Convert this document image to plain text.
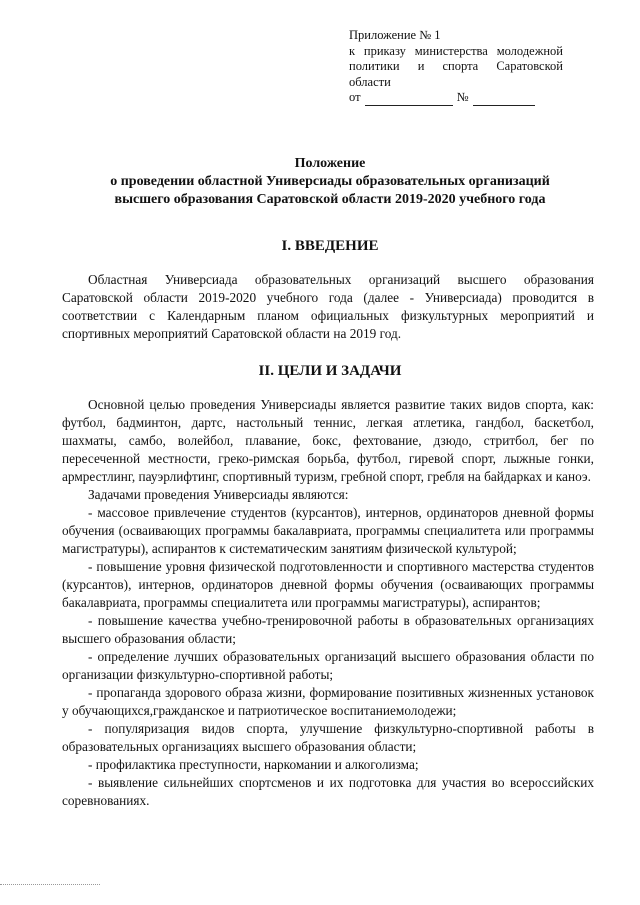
Приложение № 1
к приказу министерства молодежной
политики и спорта Саратовской
области
от	№
Положение
о проведении областной Универсиады образовательных организаций
высшего образования Саратовской области 2019-2020 учебного года
I. ВВЕДЕНИЕ

Областная Универсиада образовательных организаций высшего образования Саратовской области 2019-2020 учебного года (далее - Универсиада) проводится в соответствии с Календарным планом официальных физкультурных мероприятий и спортивных мероприятий Саратовской области на 2019 год.

II. ЦЕЛИ И ЗАДАЧИ

Основной целью проведения Универсиады является развитие таких видов спорта, как: футбол, бадминтон, дартс, настольный теннис, легкая атлетика, гандбол, баскетбол, шахматы, самбо, волейбол, плавание, бокс, фехтование, дзюдо, стритбол, бег по пересеченной местности, греко-римская борьба, футбол, гиревой спорт, лыжные гонки, армрестлинг, пауэрлифтинг, спортивный туризм, гребной спорт, гребля на байдарках и каноэ.

Задачами проведения Универсиады являются:

- массовое привлечение студентов (курсантов), интернов, ординаторов дневной формы обучения (осваивающих программы бакалавриата, программы специалитета или программы магистратуры), аспирантов к систематическим занятиям физической культурой;

- повышение уровня физической подготовленности и спортивного мастерства студентов (курсантов), интернов, ординаторов дневной формы обучения (осваивающих программы бакалавриата, программы специалитета или программы магистратуры), аспирантов;

- повышение качества учебно-тренировочной работы в образовательных организациях высшего образования области;

- определение лучших образовательных организаций высшего образования области по организации физкультурно-спортивной работы;

- пропаганда здорового образа жизни, формирование позитивных жизненных установок у обучающихся,гражданское и патриотическое воспитаниемолодежи;

- популяризация видов спорта, улучшение физкультурно-спортивной работы в образовательных организациях высшего образования области;

- профилактика преступности, наркомании и алкоголизма;

- выявление сильнейших спортсменов и их подготовка для участия во всероссийских соревнованиях.
